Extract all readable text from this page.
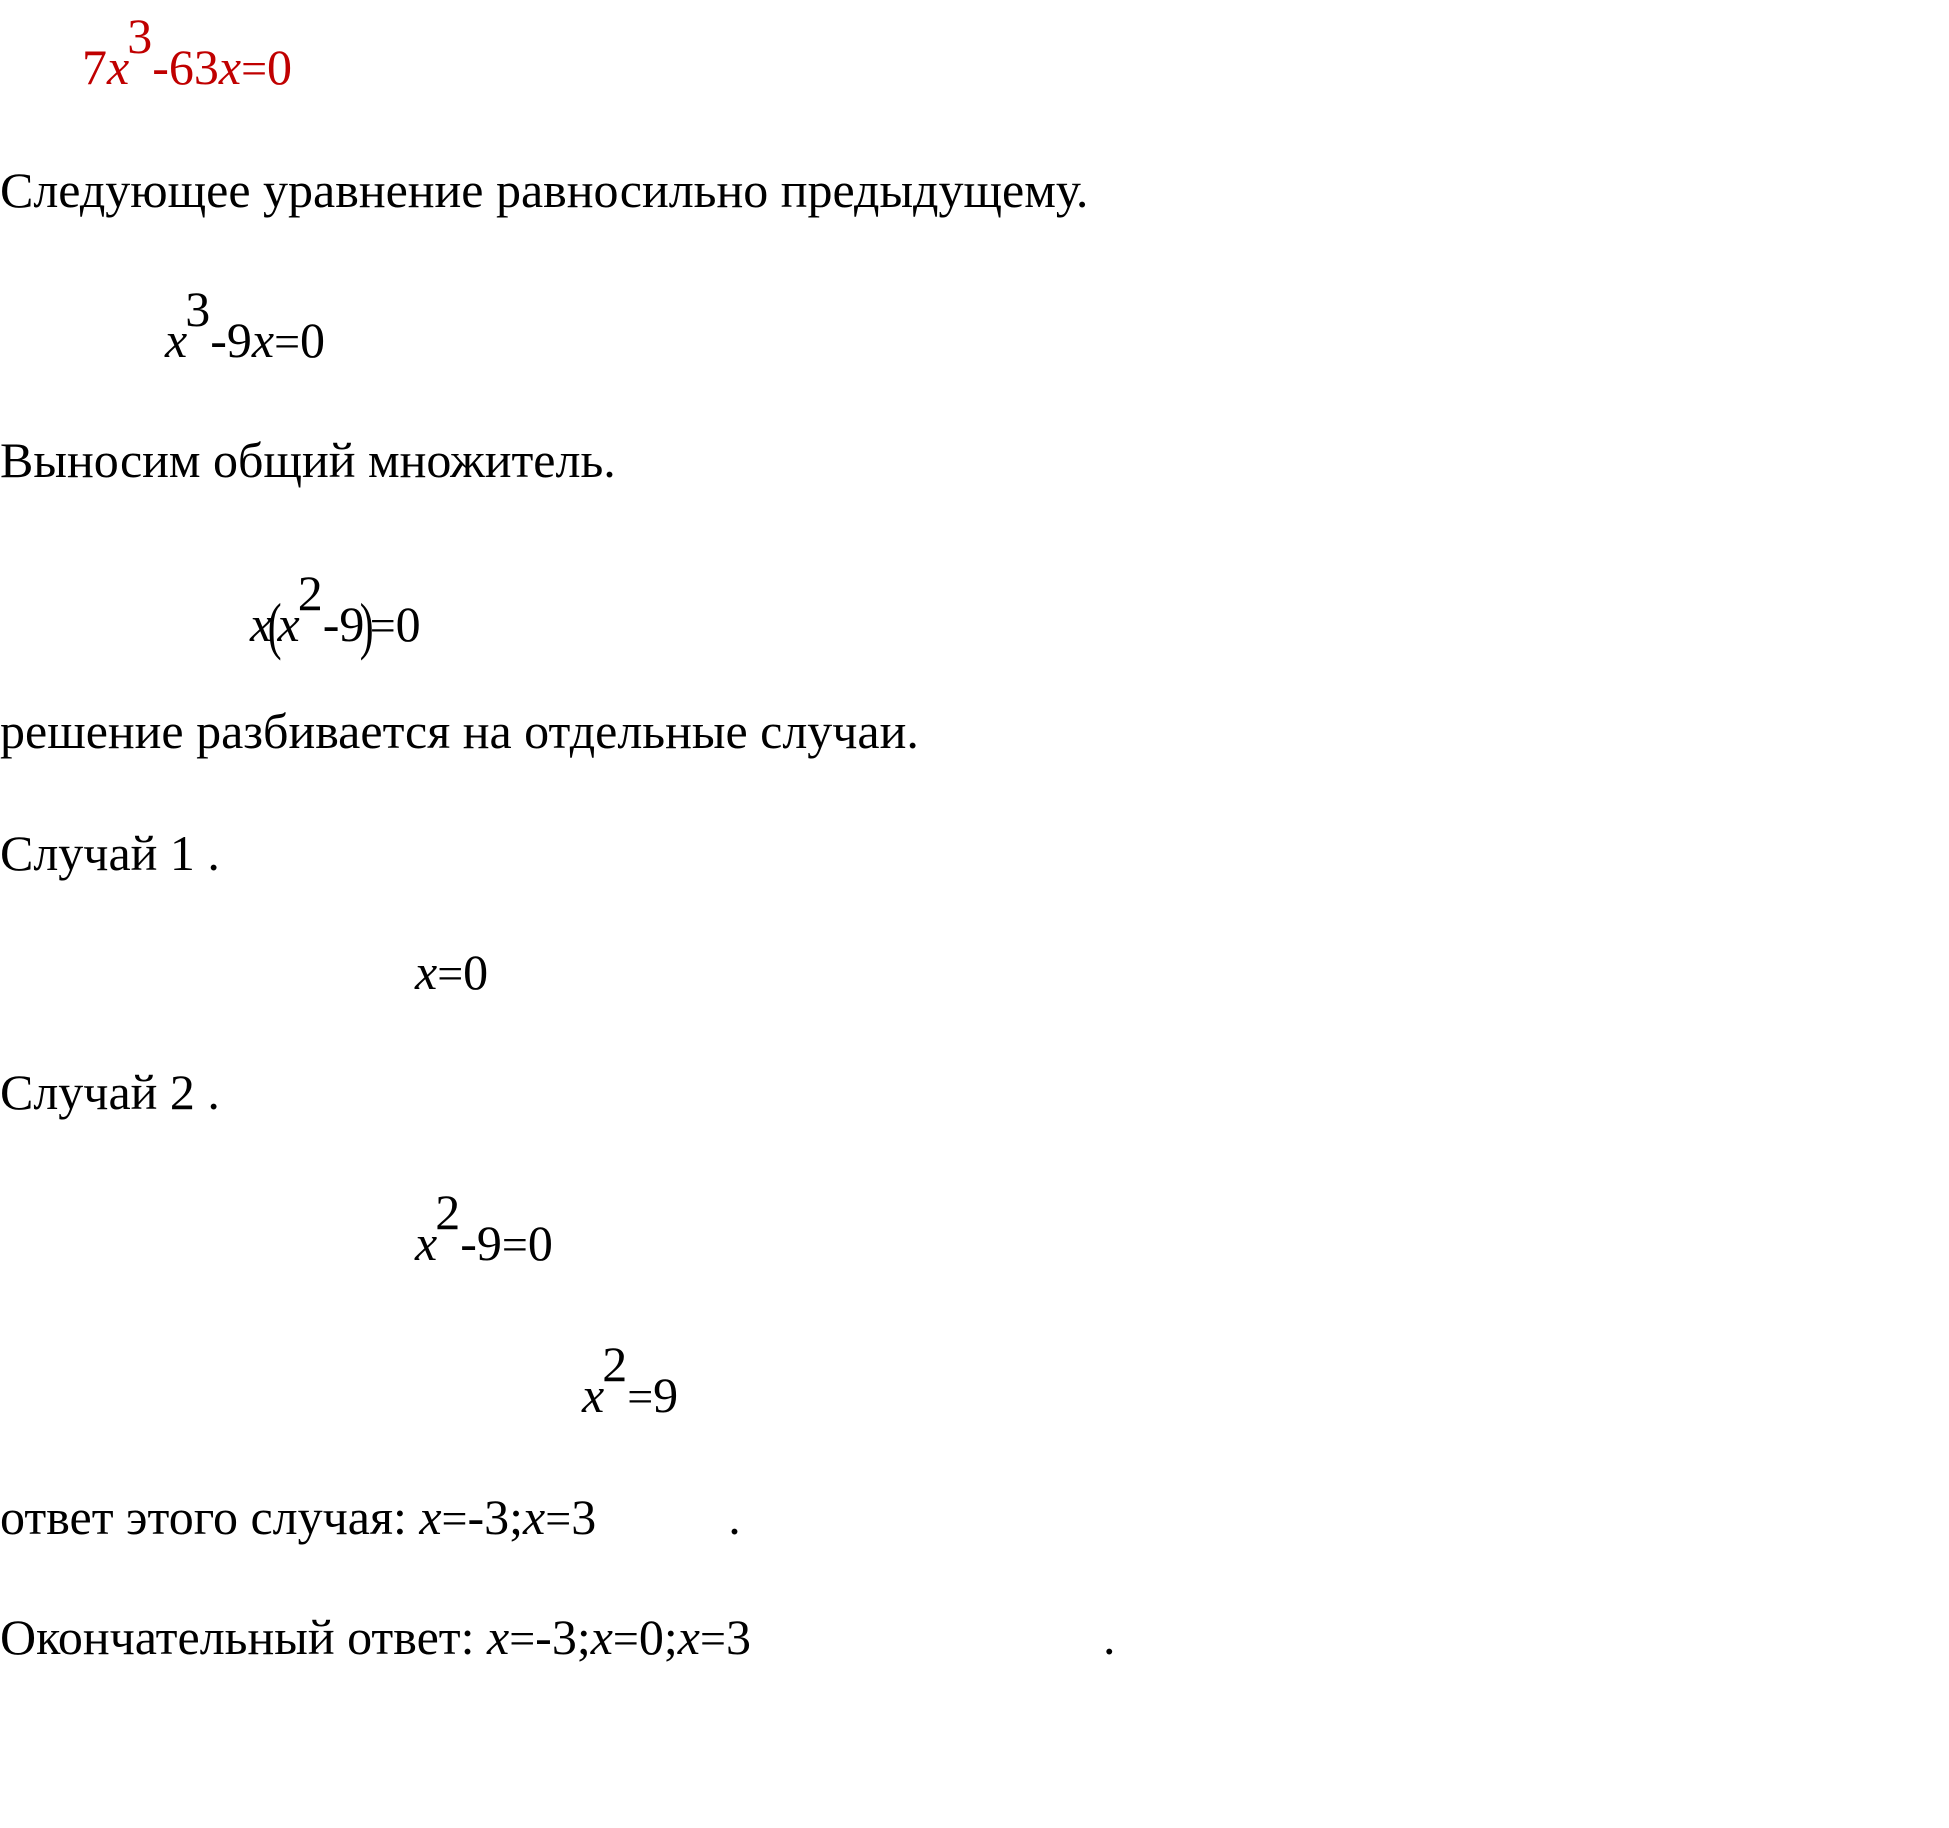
7x3-63x=0
Следующее уравнение равносильно предыдущему.
x3-9x=0
Выносим общий множитель.
x(x2-9)=0
решение разбивается на отдельные случаи.
Случай 1 .
x=0
Случай 2 .
x2-9=0
x2=9
ответ этого случая: x=-3;x=3	.
Окончательный ответ: x=-3;x=0;x=3	.
